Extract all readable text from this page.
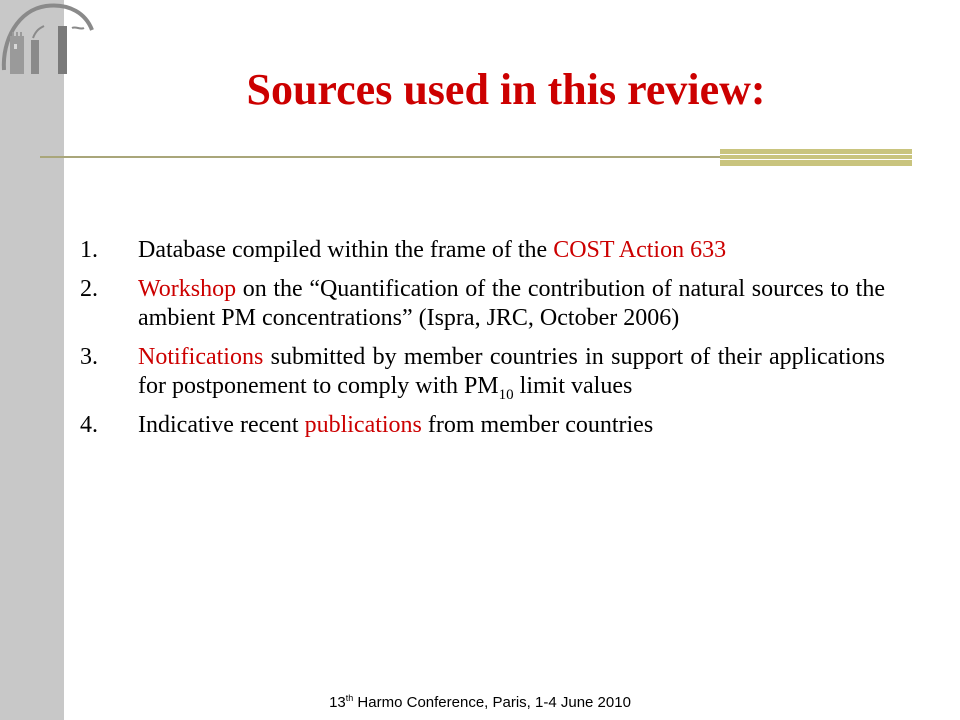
Sources used in this review:
1. Database compiled within the frame of the COST Action 633
2. Workshop on the “Quantification of the contribution of natural sources to the ambient PM concentrations” (Ispra, JRC, October 2006)
3. Notifications submitted by member countries in support of their applications for postponement to comply with $PM_{10}$ limit values
4. Indicative recent publications from member countries
13th Harmo Conference, Paris, 1-4 June 2010
